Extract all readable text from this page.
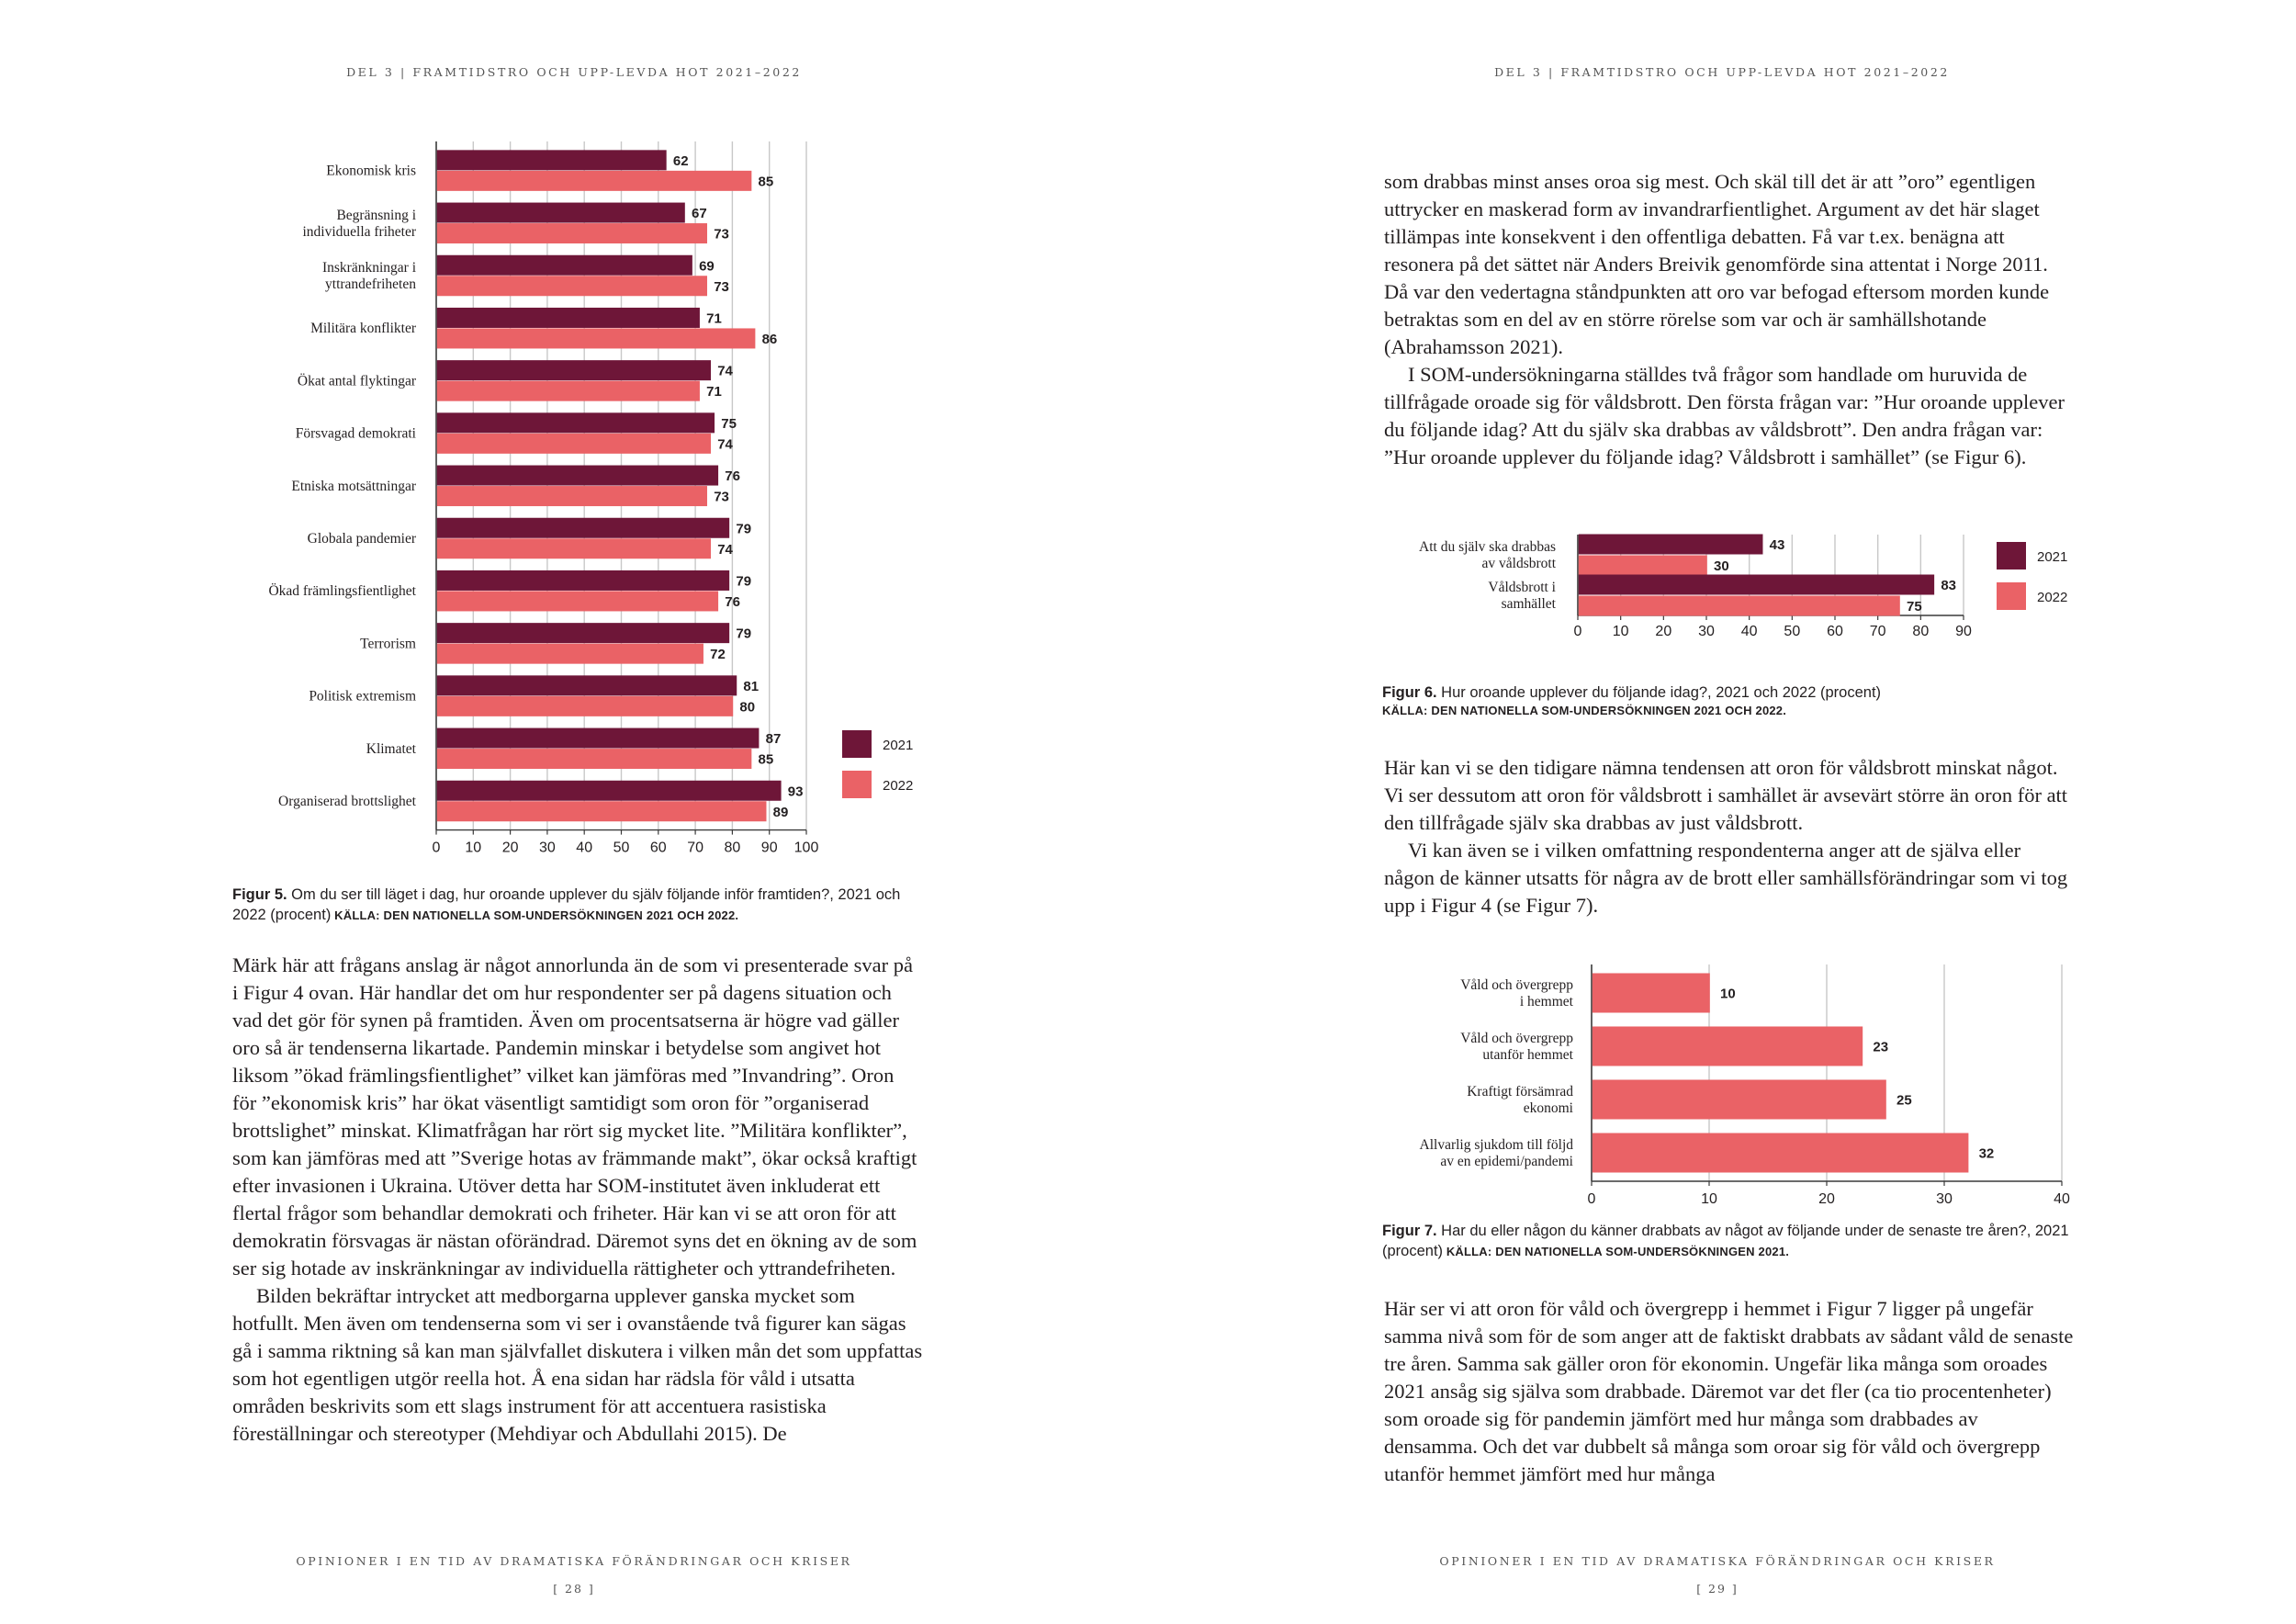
DEL 3 | FRAMTIDSTRO OCH UPP-LEVDA HOT 2021–2022
0 10 20 30 40 50 60 70 80 90 100
62
85
Ekonomisk kris
67
73
Begränsning i
individuella friheter
69
73
Inskränkningar i
yttrandefriheten
71
86
Militära konflikter
74
71
Ökat antal flyktingar
75
74
Försvagad demokrati
76
73
Etniska motsättningar
79
74
Globala pandemier
79
76
Ökad främlingsfientlighet
79
72
Terrorism
81
80
Politisk extremism
87
85
Klimatet
93
89
Organiserad brottslighet
2021
2022
Figur 5. Om du ser till läget i dag, hur oroande upplever du själv följande inför framtiden?, 2021 och 2022 (procent) KÄLLA: DEN NATIONELLA SOM-UNDERSÖKNINGEN 2021 OCH 2022.

Märk här att frågans anslag är något annorlunda än de som vi presenterade svar på i Figur 4 ovan. Här handlar det om hur respondenter ser på dagens situation och vad det gör för synen på framtiden. Även om procentsatserna är högre vad gäller oro så är tendenserna likartade. Pandemin minskar i betydelse som angivet hot liksom ”ökad främlingsfientlighet” vilket kan jämföras med ”Invandring”. Oron för ”ekonomisk kris” har ökat väsentligt samtidigt som oron för ”organiserad brottslighet” minskat. Klimatfrågan har rört sig mycket lite. ”Militära konflikter”, som kan jämföras med att ”Sverige hotas av främmande makt”, ökar också kraftigt efter invasionen i Ukraina. Utöver detta har SOM-institutet även inkluderat ett flertal frågor som behandlar demokrati och friheter. Här kan vi se att oron för att demokratin försvagas är nästan oförändrad. Däremot syns det en ökning av de som ser sig hotade av inskränkningar av individuella rättigheter och yttrandefriheten.

Bilden bekräftar intrycket att medborgarna upplever ganska mycket som hotfullt. Men även om tendenserna som vi ser i ovanstående två figurer kan sägas gå i samma riktning så kan man självfallet diskutera i vilken mån det som uppfattas som hot egentligen utgör reella hot. Å ena sidan har rädsla för våld i utsatta områden beskrivits som ett slags instrument för att accentuera rasistiska föreställningar och stereotyper (Mehdiyar och Abdullahi 2015). De

OPINIONER I EN TID AV DRAMATISKA FÖRÄNDRINGAR OCH KRISER
[ 28 ]
DEL 3 | FRAMTIDSTRO OCH UPP-LEVDA HOT 2021–2022

som drabbas minst anses oroa sig mest. Och skäl till det är att ”oro” egentligen uttrycker en maskerad form av invandrarfientlighet. Argument av det här slaget tillämpas inte konsekvent i den offentliga debatten. Få var t.ex. benägna att resonera på det sättet när Anders Breivik genomförde sina attentat i Norge 2011. Då var den vedertagna ståndpunkten att oro var befogad eftersom morden kunde betraktas som en del av en större rörelse som var och är samhällshotande (Abrahamsson 2021).

I SOM-undersökningarna ställdes två frågor som handlade om huruvida de tillfrågade oroade sig för våldsbrott. Den första frågan var: ”Hur oroande upplever du följande idag? Att du själv ska drabbas av våldsbrott”. Den andra frågan var: ”Hur oroande upplever du följande idag? Våldsbrott i samhället” (se Figur 6).

0 10 20 30 40 50 60 70 80 90
43
30
Att du själv ska drabbas
av våldsbrott
83
75
Våldsbrott i
samhället
2021
2022
Figur 6. Hur oroande upplever du följande idag?, 2021 och 2022 (procent)
KÄLLA: DEN NATIONELLA SOM-UNDERSÖKNINGEN 2021 OCH 2022.

Här kan vi se den tidigare nämna tendensen att oron för våldsbrott minskat något. Vi ser dessutom att oron för våldsbrott i samhället är avsevärt större än oron för att den tillfrågade själv ska drabbas av just våldsbrott.

Vi kan även se i vilken omfattning respondenterna anger att de själva eller någon de känner utsatts för några av de brott eller samhällsförändringar som vi tog upp i Figur 4 (se Figur 7).

0	10	20	30	40
10
Våld och övergrepp
i hemmet
23
Våld och övergrepp
utanför hemmet
25
Kraftigt försämrad
ekonomi
32
Allvarlig sjukdom till följd
av en epidemi/pandemi
Figur 7. Har du eller någon du känner drabbats av något av följande under de senaste tre åren?, 2021 (procent) KÄLLA: DEN NATIONELLA SOM-UNDERSÖKNINGEN 2021.

Här ser vi att oron för våld och övergrepp i hemmet i Figur 7 ligger på ungefär samma nivå som för de som anger att de faktiskt drabbats av sådant våld de senaste tre åren. Samma sak gäller oron för ekonomin. Ungefär lika många som oroades 2021 ansåg sig själva som drabbade. Däremot var det fler (ca tio procentenheter) som oroade sig för pandemin jämfört med hur många som drabbades av densamma. Och det var dubbelt så många som oroar sig för våld och övergrepp utanför hemmet jämfört med hur många

OPINIONER I EN TID AV DRAMATISKA FÖRÄNDRINGAR OCH KRISER
[ 29 ]
